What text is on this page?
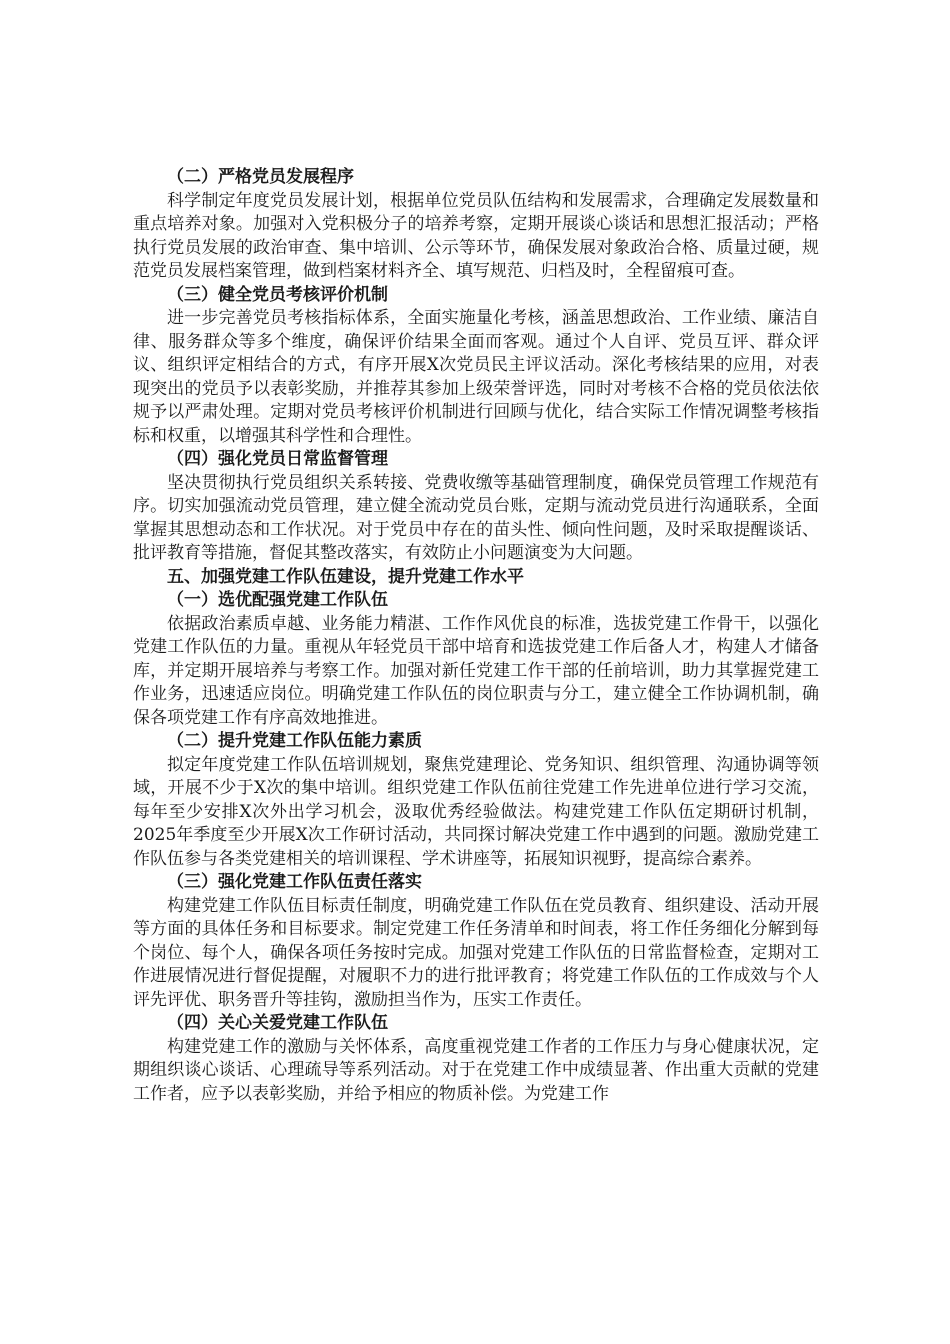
（二）严格党员发展程序
科学制定年度党员发展计划，根据单位党员队伍结构和发展需求，合理确定发展数量和重点培养对象。加强对入党积极分子的培养考察，定期开展谈心谈话和思想汇报活动；严格执行党员发展的政治审查、集中培训、公示等环节，确保发展对象政治合格、质量过硬，规范党员发展档案管理，做到档案材料齐全、填写规范、归档及时，全程留痕可查。
（三）健全党员考核评价机制
进一步完善党员考核指标体系，全面实施量化考核，涵盖思想政治、工作业绩、廉洁自律、服务群众等多个维度，确保评价结果全面而客观。通过个人自评、党员互评、群众评议、组织评定相结合的方式，有序开展X次党员民主评议活动。深化考核结果的应用，对表现突出的党员予以表彰奖励，并推荐其参加上级荣誉评选，同时对考核不合格的党员依法依规予以严肃处理。定期对党员考核评价机制进行回顾与优化，结合实际工作情况调整考核指标和权重，以增强其科学性和合理性。
（四）强化党员日常监督管理
坚决贯彻执行党员组织关系转接、党费收缴等基础管理制度，确保党员管理工作规范有序。切实加强流动党员管理，建立健全流动党员台账，定期与流动党员进行沟通联系，全面掌握其思想动态和工作状况。对于党员中存在的苗头性、倾向性问题，及时采取提醒谈话、批评教育等措施，督促其整改落实，有效防止小问题演变为大问题。
五、加强党建工作队伍建设，提升党建工作水平
（一）选优配强党建工作队伍
依据政治素质卓越、业务能力精湛、工作作风优良的标准，选拔党建工作骨干，以强化党建工作队伍的力量。重视从年轻党员干部中培育和选拔党建工作后备人才，构建人才储备库，并定期开展培养与考察工作。加强对新任党建工作干部的任前培训，助力其掌握党建工作业务，迅速适应岗位。明确党建工作队伍的岗位职责与分工，建立健全工作协调机制，确保各项党建工作有序高效地推进。
（二）提升党建工作队伍能力素质
拟定年度党建工作队伍培训规划，聚焦党建理论、党务知识、组织管理、沟通协调等领域，开展不少于X次的集中培训。组织党建工作队伍前往党建工作先进单位进行学习交流，每年至少安排X次外出学习机会，汲取优秀经验做法。构建党建工作队伍定期研讨机制，2025年季度至少开展X次工作研讨活动，共同探讨解决党建工作中遇到的问题。激励党建工作队伍参与各类党建相关的培训课程、学术讲座等，拓展知识视野，提高综合素养。
（三）强化党建工作队伍责任落实
构建党建工作队伍目标责任制度，明确党建工作队伍在党员教育、组织建设、活动开展等方面的具体任务和目标要求。制定党建工作任务清单和时间表，将工作任务细化分解到每个岗位、每个人，确保各项任务按时完成。加强对党建工作队伍的日常监督检查，定期对工作进展情况进行督促提醒，对履职不力的进行批评教育；将党建工作队伍的工作成效与个人评先评优、职务晋升等挂钩，激励担当作为，压实工作责任。
（四）关心关爱党建工作队伍
构建党建工作的激励与关怀体系，高度重视党建工作者的工作压力与身心健康状况，定期组织谈心谈话、心理疏导等系列活动。对于在党建工作中成绩显著、作出重大贡献的党建工作者，应予以表彰奖励，并给予相应的物质补偿。为党建工作
